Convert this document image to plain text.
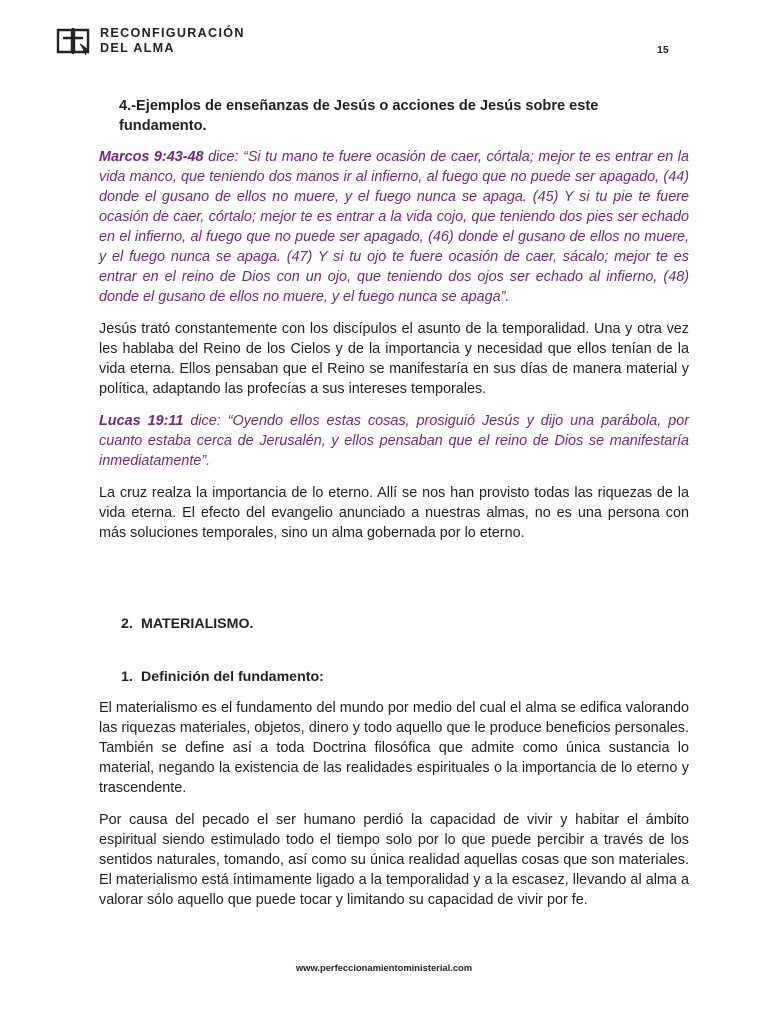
RECONFIGURACIÓN
DEL ALMA	15

4.-Ejemplos de enseñanzas de Jesús o acciones de Jesús sobre este fundamento.

Marcos 9:43-48 dice: “Si tu mano te fuere ocasión de caer, córtala; mejor te es entrar en la vida manco, que teniendo dos manos ir al infierno, al fuego que no puede ser apagado, (44) donde el gusano de ellos no muere, y el fuego nunca se apaga. (45) Y si tu pie te fuere ocasión de caer, córtalo; mejor te es entrar a la vida cojo, que teniendo dos pies ser echado en el infierno, al fuego que no puede ser apagado, (46) donde el gusano de ellos no muere, y el fuego nunca se apaga. (47) Y si tu ojo te fuere ocasión de caer, sácalo; mejor te es entrar en el reino de Dios con un ojo, que teniendo dos ojos ser echado al infierno, (48) donde el gusano de ellos no muere, y el fuego nunca se apaga”.

Jesús trató constantemente con los discípulos el asunto de la temporalidad. Una y otra vez les hablaba del Reino de los Cielos y de la importancia y necesidad que ellos tenían de la vida eterna. Ellos pensaban que el Reino se manifestaría en sus días de manera material y política, adaptando las profecías a sus intereses temporales.

Lucas 19:11 dice: “Oyendo ellos estas cosas, prosiguió Jesús y dijo una parábola, por cuanto estaba cerca de Jerusalén, y ellos pensaban que el reino de Dios se manifestaría inmediatamente”.

La cruz realza la importancia de lo eterno. Allí se nos han provisto todas las riquezas de la vida eterna. El efecto del evangelio anunciado a nuestras almas, no es una persona con más soluciones temporales, sino un alma gobernada por lo eterno.

2. MATERIALISMO.

1. Definición del fundamento:

El materialismo es el fundamento del mundo por medio del cual el alma se edifica valorando las riquezas materiales, objetos, dinero y todo aquello que le produce beneficios personales. También se define así a toda Doctrina filosófica que admite como única sustancia lo material, negando la existencia de las realidades espirituales o la importancia de lo eterno y trascendente.

Por causa del pecado el ser humano perdió la capacidad de vivir y habitar el ámbito espiritual siendo estimulado todo el tiempo solo por lo que puede percibir a través de los sentidos naturales, tomando, así como su única realidad aquellas cosas que son materiales. El materialismo está íntimamente ligado a la temporalidad y a la escasez, llevando al alma a valorar sólo aquello que puede tocar y limitando su capacidad de vivir por fe.

www.perfeccionamientoministerial.com
